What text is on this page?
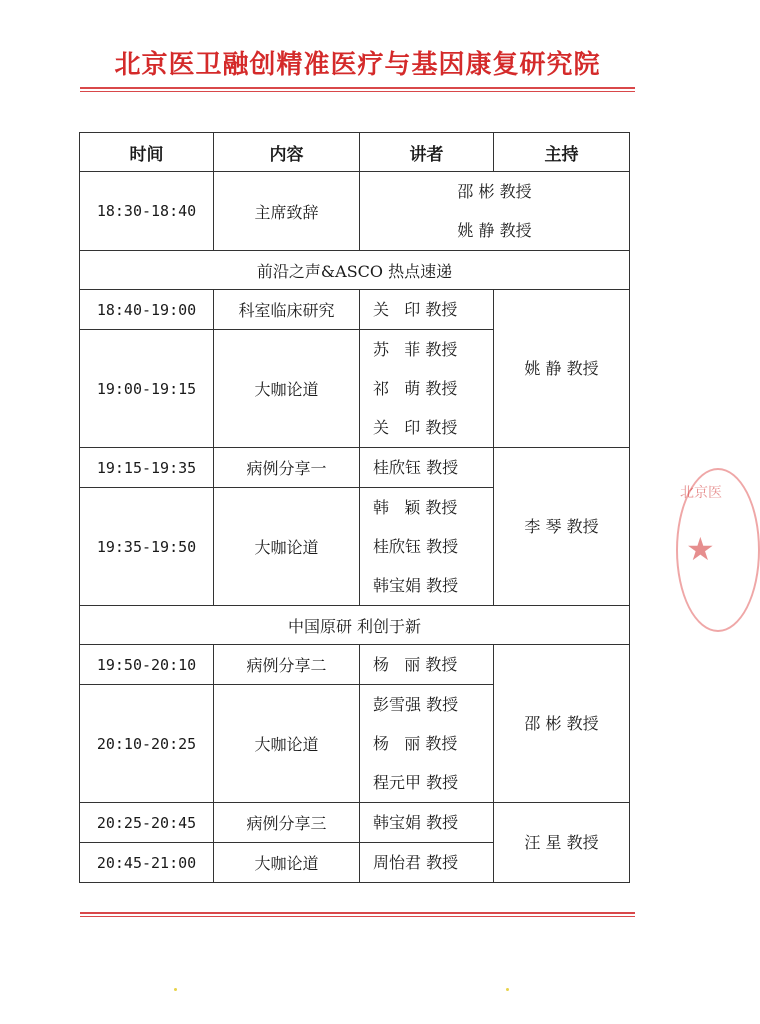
北京医卫融创精准医疗与基因康复研究院
时间	内容	讲者	主持
18:30-18:40	主席致辞	邵 彬 教授
姚 静 教授	

前沿之声&ASCO 热点速递			
18:40-19:00	科室临床研究	关   印 教授	姚 静 教授

19:00-19:15	大咖论道	苏   菲 教授
祁   萌 教授
关   印 教授	

19:15-19:35	病例分享一	桂欣钰 教授	李 琴 教授

19:35-19:50	大咖论道	韩   颖 教授
桂欣钰 教授
韩宝娟 教授	

中国原研 利创于新			
19:50-20:10	病例分享二	杨   丽 教授	邵 彬 教授

20:10-20:25	大咖论道	彭雪强 教授
杨   丽 教授
程元甲 教授	

20:25-20:45	病例分享三	韩宝娟 教授	汪 星 教授

20:45-21:00	大咖论道	周怡君 教授	
北京医
★
